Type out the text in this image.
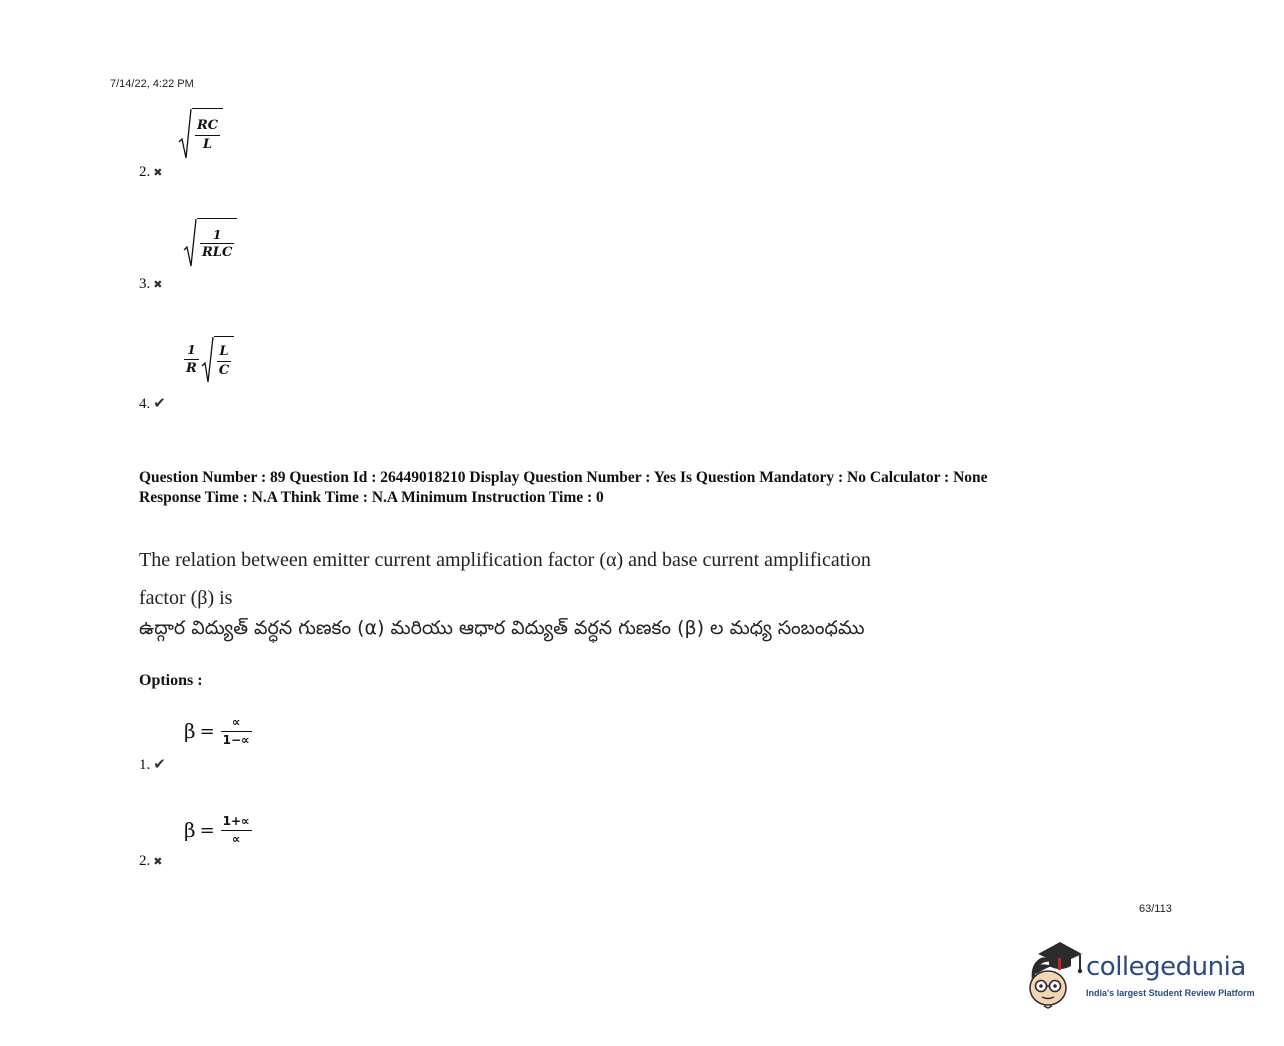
7/14/22, 4:22 PM
$\frac{RC}{L}$
2. ✖
$\frac{1}{\text{RLC}}$
3. ✖
$\frac{1}{R} \frac{L}{C}$
4. ✔
Question Number : 89 Question Id : 26449018210 Display Question Number : Yes Is Question Mandatory : No Calculator : None
Response Time : N.A Think Time : N.A Minimum Instruction Time : 0
The relation between emitter current amplification factor (α) and base current amplification
factor (β) is
ఉద్గార విద్యుత్ వర్ధన గుణకం (α) మరియు ఆధార విద్యుత్ వర్ధన గుణకం (β) ల మధ్య సంబంధము
Options :
$\beta = \frac{\propto}{1-\propto}$
1. ✔
$\beta = \frac{1+\propto}{\propto}$
2. ✖
63/113
collegedunia
India's largest Student Review Platform
